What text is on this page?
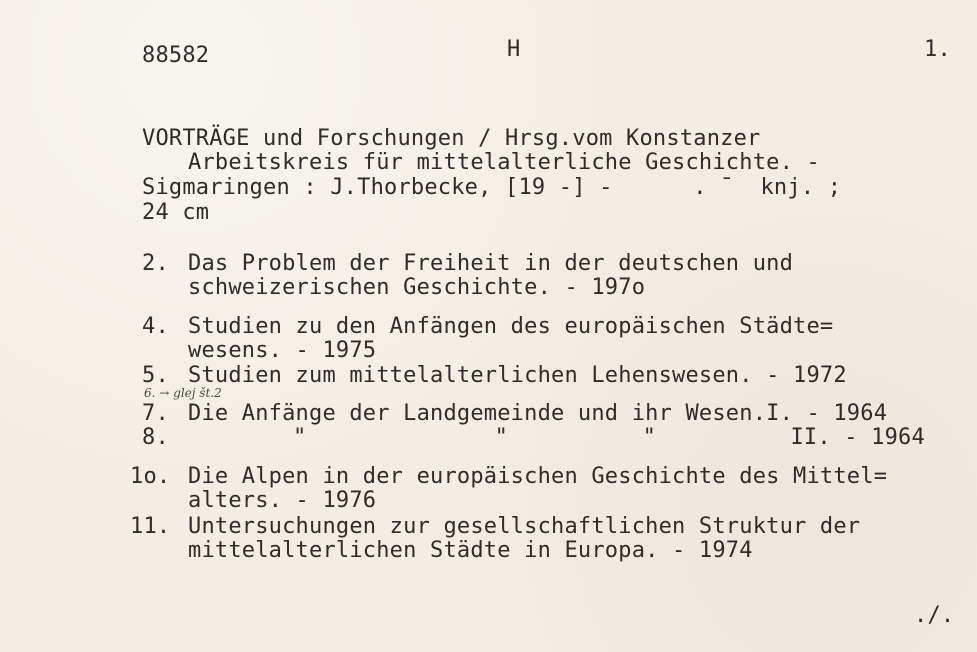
88582	H	1.
VORTRÄGE und Forschungen / Hrsg.vom Konstanzer
Arbeitskreis für mittelalterliche Geschichte. -
Sigmaringen : J.Thorbecke, [19 -] -      . ¯  knj. ;
24 cm
2. Das Problem der Freiheit in der deutschen und
schweizerischen Geschichte. - 197o
4. Studien zu den Anfängen des europäischen Städte=
wesens. - 1975
5. Studien zum mittelalterlichen Lehenswesen. - 1972
6. → glej št.2
7. Die Anfänge der Landgemeinde und ihr Wesen.I. - 1964
8.	"              "          "          II. - 1964
1o. Die Alpen in der europäischen Geschichte des Mittel=
alters. - 1976
11. Untersuchungen zur gesellschaftlichen Struktur der
mittelalterlichen Städte in Europa. - 1974
./.
